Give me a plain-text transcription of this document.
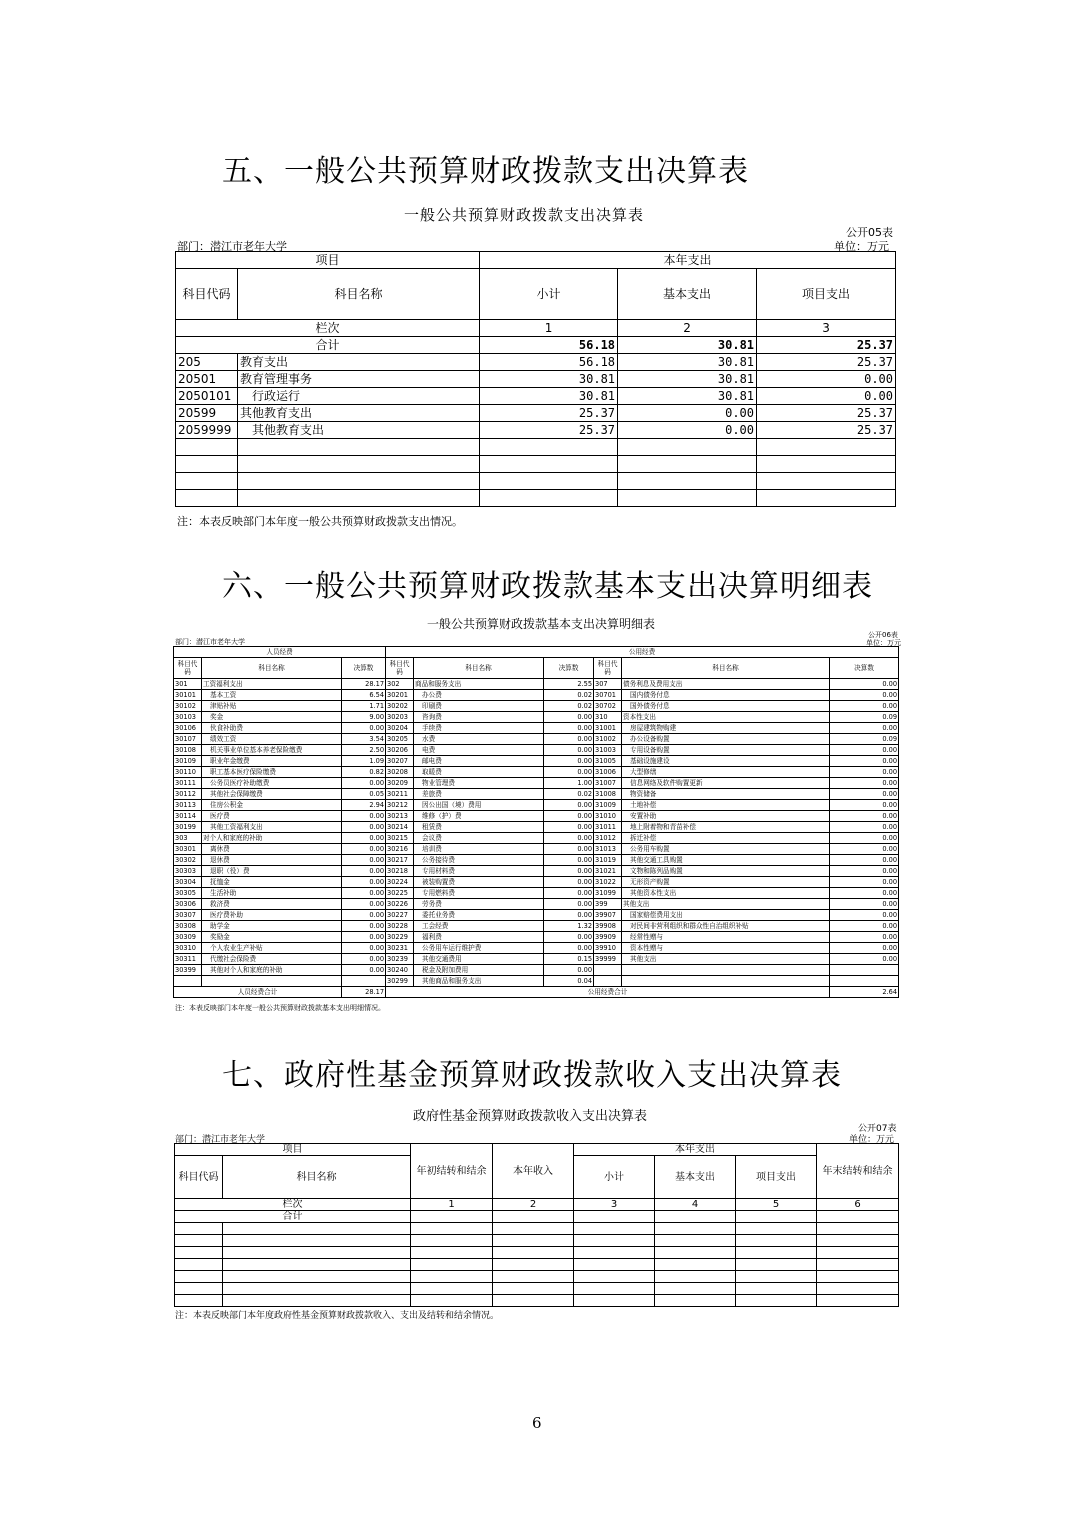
五、一般公共预算财政拨款支出决算表
一般公共预算财政拨款支出决算表
公开05表
部门：潜江市老年大学	单位：万元
项目		本年支出		
科目代码	科目名称	小计	基本支出	项目支出
栏次		1	2	3
合计		56.18	30.81	25.37
205	教育支出	56.18	30.81	25.37
20501	教育管理事务	30.81	30.81	0.00
2050101	行政运行	30.81	30.81	0.00
20599	其他教育支出	25.37	0.00	25.37
2059999	其他教育支出	25.37	0.00	25.37

注：本表反映部门本年度一般公共预算财政拨款支出情况。
六、一般公共预算财政拨款基本支出决算明细表
一般公共预算财政拨款基本支出决算明细表
公开06表
部门：潜江市老年大学	单位：万元
人员经费			公用经费					
科目代码	科目名称	决算数	科目代码	科目名称	决算数	科目代码	科目名称	决算数
301	工资福利支出	28.17	302	商品和服务支出	2.55	307	债务利息及费用支出	0.00
30101	基本工资	6.54	30201	办公费	0.02	30701	国内债务付息	0.00
30102	津贴补贴	1.71	30202	印刷费	0.02	30702	国外债务付息	0.00
30103	奖金	9.00	30203	咨询费	0.00	310	资本性支出	0.09
30106	伙食补助费	0.00	30204	手续费	0.00	31001	房屋建筑物购建	0.00
30107	绩效工资	3.54	30205	水费	0.00	31002	办公设备购置	0.09
30108	机关事业单位基本养老保险缴费	2.50	30206	电费	0.00	31003	专用设备购置	0.00
30109	职业年金缴费	1.09	30207	邮电费	0.00	31005	基础设施建设	0.00
30110	职工基本医疗保险缴费	0.82	30208	取暖费	0.00	31006	大型修缮	0.00
30111	公务员医疗补助缴费	0.00	30209	物业管理费	1.00	31007	信息网络及软件购置更新	0.00
30112	其他社会保障缴费	0.05	30211	差旅费	0.02	31008	物资储备	0.00
30113	住房公积金	2.94	30212	因公出国（境）费用	0.00	31009	土地补偿	0.00
30114	医疗费	0.00	30213	维修（护）费	0.00	31010	安置补助	0.00
30199	其他工资福利支出	0.00	30214	租赁费	0.00	31011	地上附着物和青苗补偿	0.00
303	对个人和家庭的补助	0.00	30215	会议费	0.00	31012	拆迁补偿	0.00
30301	离休费	0.00	30216	培训费	0.00	31013	公务用车购置	0.00
30302	退休费	0.00	30217	公务接待费	0.00	31019	其他交通工具购置	0.00
30303	退职（役）费	0.00	30218	专用材料费	0.00	31021	文物和陈列品购置	0.00
30304	抚恤金	0.00	30224	被装购置费	0.00	31022	无形资产购置	0.00
30305	生活补助	0.00	30225	专用燃料费	0.00	31099	其他资本性支出	0.00
30306	救济费	0.00	30226	劳务费	0.00	399	其他支出	0.00
30307	医疗费补助	0.00	30227	委托业务费	0.00	39907	国家赔偿费用支出	0.00
30308	助学金	0.00	30228	工会经费	1.32	39908	对民间非营利组织和群众性自治组织补贴	0.00
30309	奖励金	0.00	30229	福利费	0.00	39909	经常性赠与	0.00
30310	个人农业生产补贴	0.00	30231	公务用车运行维护费	0.00	39910	资本性赠与	0.00
30311	代缴社会保险费	0.00	30239	其他交通费用	0.15	39999	其他支出	0.00
30399	其他对个人和家庭的补助	0.00	30240	税金及附加费用	0.00			
			30299	其他商品和服务支出	0.04			
人员经费合计		28.17	公用经费合计					2.64
注：本表反映部门本年度一般公共预算财政拨款基本支出明细情况。
七、政府性基金预算财政拨款收入支出决算表
政府性基金预算财政拨款收入支出决算表
公开07表
部门：潜江市老年大学	单位：万元
项目		年初结转和结余	本年收入	本年支出			年末结转和结余
科目代码	科目名称			小计	基本支出	项目支出	
栏次		1	2	3	4	5	6
合计							

注：本表反映部门本年度政府性基金预算财政拨款收入、支出及结转和结余情况。
6
